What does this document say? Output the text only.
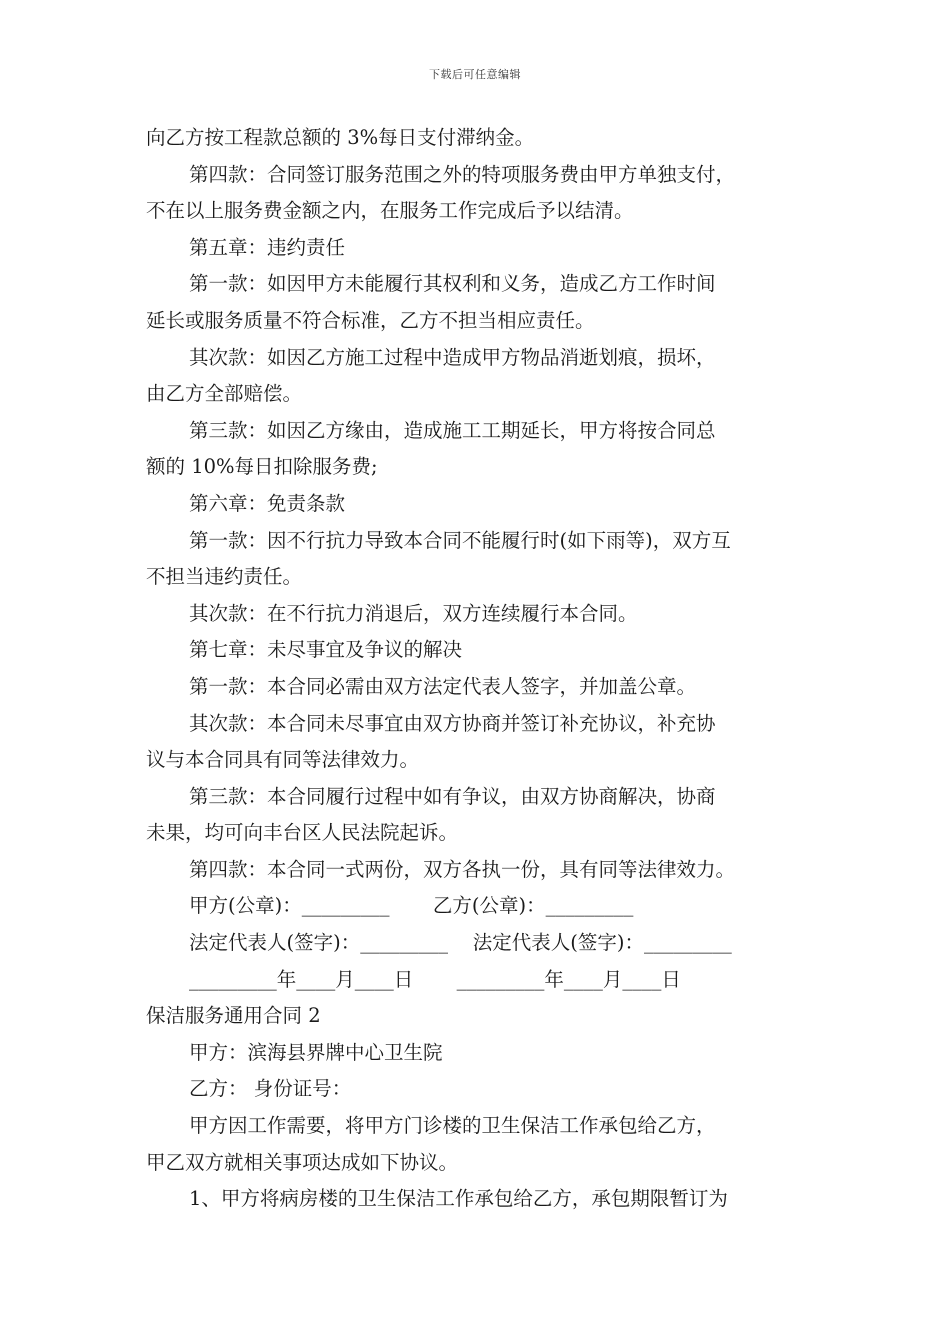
下载后可任意编辑
向乙方按工程款总额的 3%每日支付滞纳金。
第四款：合同签订服务范围之外的特项服务费由甲方单独支付，
不在以上服务费金额之内，在服务工作完成后予以结清。
第五章：违约责任
第一款：如因甲方未能履行其权利和义务，造成乙方工作时间
延长或服务质量不符合标准，乙方不担当相应责任。
其次款：如因乙方施工过程中造成甲方物品消逝划痕，损坏，
由乙方全部赔偿。
第三款：如因乙方缘由，造成施工工期延长，甲方将按合同总
额的 10%每日扣除服务费;
第六章：免责条款
第一款：因不行抗力导致本合同不能履行时(如下雨等)，双方互
不担当违约责任。
其次款：在不行抗力消退后，双方连续履行本合同。
第七章：未尽事宜及争议的解决
第一款：本合同必需由双方法定代表人签字，并加盖公章。
其次款：本合同未尽事宜由双方协商并签订补充协议，补充协
议与本合同具有同等法律效力。
第三款：本合同履行过程中如有争议，由双方协商解决，协商
未果，均可向丰台区人民法院起诉。
第四款：本合同一式两份，双方各执一份，具有同等法律效力。
甲方(公章)：_________ 乙方(公章)：_________
法定代表人(签字)：_________ 法定代表人(签字)：_________
_________年____月____日 _________年____月____日
保洁服务通用合同 2
甲方：滨海县界牌中心卫生院
乙方： 身份证号：
甲方因工作需要，将甲方门诊楼的卫生保洁工作承包给乙方，
甲乙双方就相关事项达成如下协议。
1、甲方将病房楼的卫生保洁工作承包给乙方，承包期限暂订为
